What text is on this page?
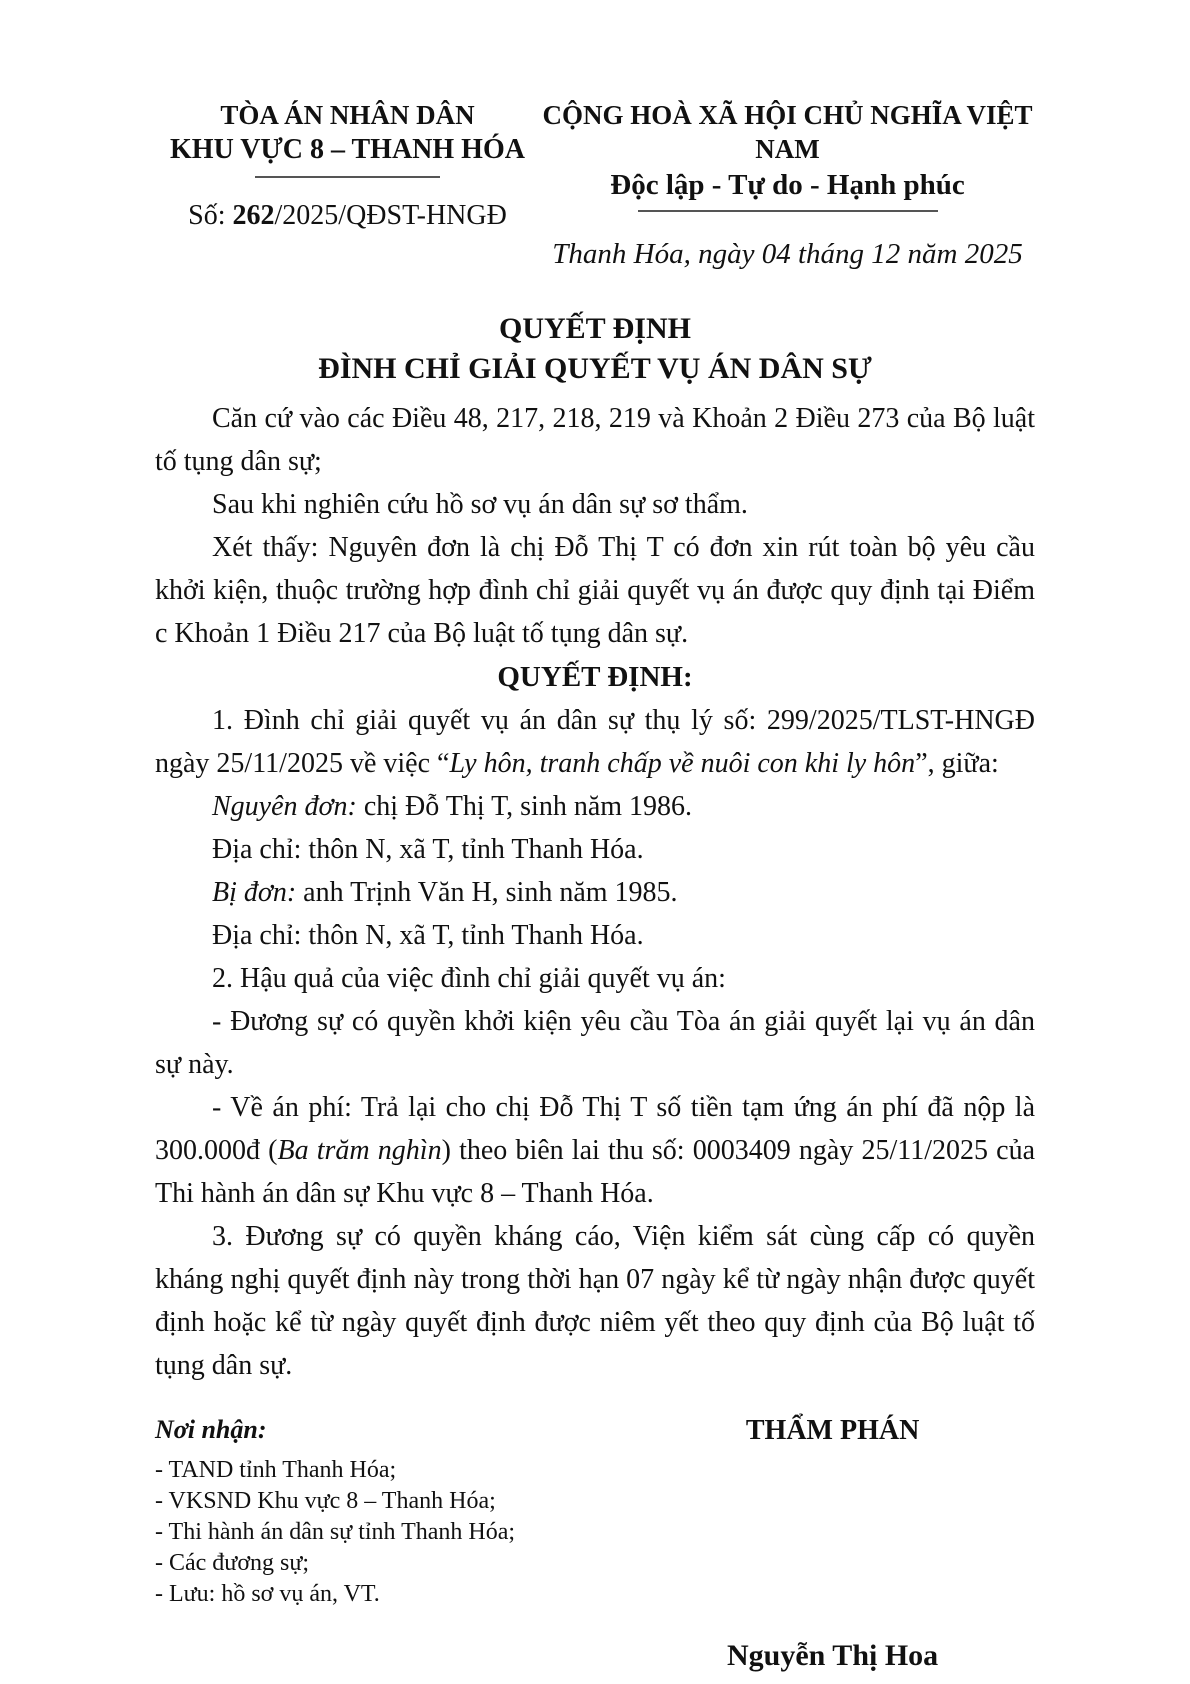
TÒA ÁN NHÂN DÂN
KHU VỰC 8 – THANH HÓA
Số: 262/2025/QĐST-HNGĐ
CỘNG HOÀ XÃ HỘI CHỦ NGHĨA VIỆT NAM
Độc lập - Tự do - Hạnh phúc
Thanh Hóa, ngày 04 tháng 12 năm 2025
QUYẾT ĐỊNH
ĐÌNH CHỈ GIẢI QUYẾT VỤ ÁN DÂN SỰ

Căn cứ vào các Điều 48, 217, 218, 219 và Khoản 2 Điều 273 của Bộ luật tố tụng dân sự;

Sau khi nghiên cứu hồ sơ vụ án dân sự sơ thẩm.

Xét thấy: Nguyên đơn là chị Đỗ Thị T có đơn xin rút toàn bộ yêu cầu khởi kiện, thuộc trường hợp đình chỉ giải quyết vụ án được quy định tại Điểm c Khoản 1 Điều 217 của Bộ luật tố tụng dân sự.

QUYẾT ĐỊNH:

1. Đình chỉ giải quyết vụ án dân sự thụ lý số: 299/2025/TLST-HNGĐ ngày 25/11/2025 về việc “Ly hôn, tranh chấp về nuôi con khi ly hôn”, giữa:

Nguyên đơn: chị Đỗ Thị T, sinh năm 1986.

Địa chỉ: thôn N, xã T, tỉnh Thanh Hóa.

Bị đơn: anh Trịnh Văn H, sinh năm 1985.

Địa chỉ: thôn N, xã T, tỉnh Thanh Hóa.

2. Hậu quả của việc đình chỉ giải quyết vụ án:

- Đương sự có quyền khởi kiện yêu cầu Tòa án giải quyết lại vụ án dân sự này.

- Về án phí: Trả lại cho chị Đỗ Thị T số tiền tạm ứng án phí đã nộp là 300.000đ (Ba trăm nghìn) theo biên lai thu số: 0003409 ngày 25/11/2025 của Thi hành án dân sự Khu vực 8 – Thanh Hóa.

3. Đương sự có quyền kháng cáo, Viện kiểm sát cùng cấp có quyền kháng nghị quyết định này trong thời hạn 07 ngày kể từ ngày nhận được quyết định hoặc kể từ ngày quyết định được niêm yết theo quy định của Bộ luật tố tụng dân sự.

Nơi nhận:
- TAND tỉnh Thanh Hóa;
- VKSND Khu vực 8 – Thanh Hóa;
- Thi hành án dân sự tỉnh Thanh Hóa;
- Các đương sự;
- Lưu: hồ sơ vụ án, VT.
THẨM PHÁN
Nguyễn Thị Hoa
